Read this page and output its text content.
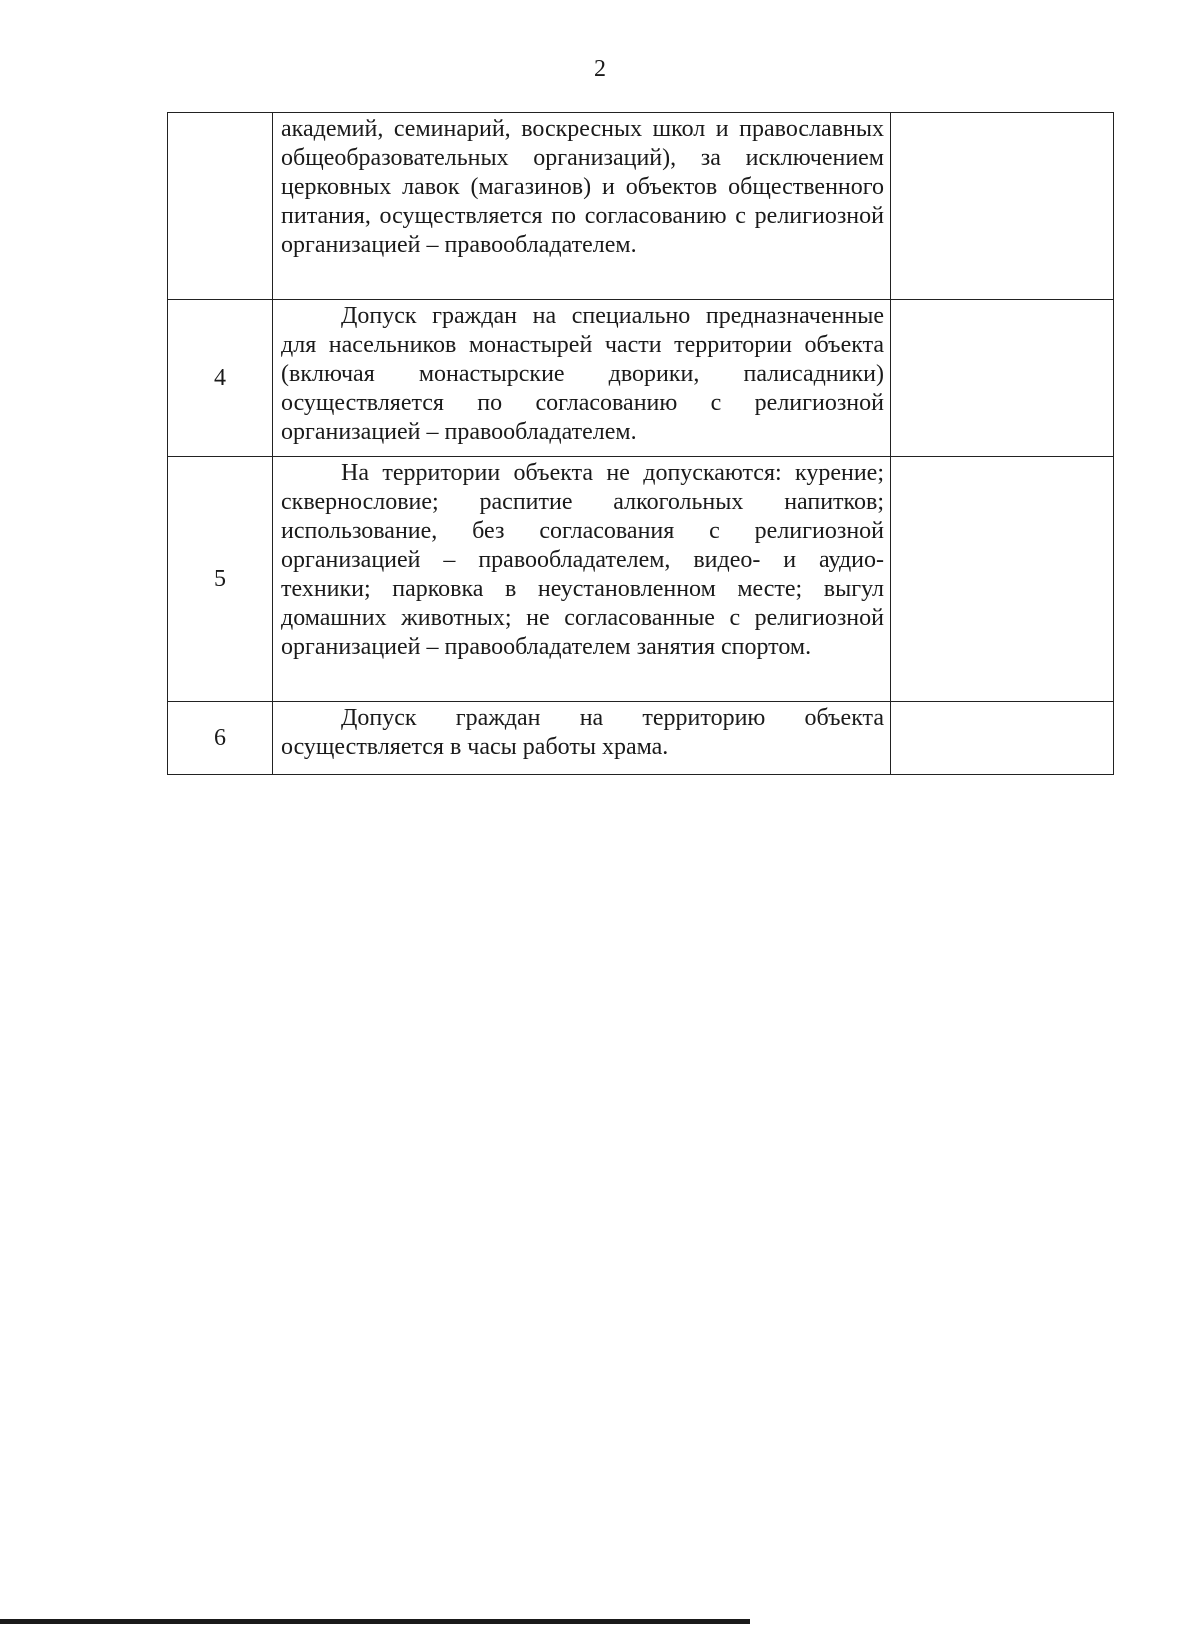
2
	академий, семинарий, воскресных школ и православных общеобразовательных организаций), за исключением церковных лавок (магазинов) и объектов общественного питания, осуществляется по согласованию с религиозной организацией – правообладателем.	
4	Допуск граждан на специально предназначенные для насельников монастырей части территории объекта (включая монастырские дворики, палисадники) осуществляется по согласованию с религиозной организацией – правообладателем.	
5	На территории объекта не допускаются: курение; сквернословие; распитие алкогольных напитков; использование, без согласования с религиозной организацией – правообладателем, видео- и аудио- техники; парковка в неустановленном месте; выгул домашних животных; не согласованные с религиозной организацией – правообладателем занятия спортом.	
6	Допуск граждан на территорию объекта осуществляется в часы работы храма.	
